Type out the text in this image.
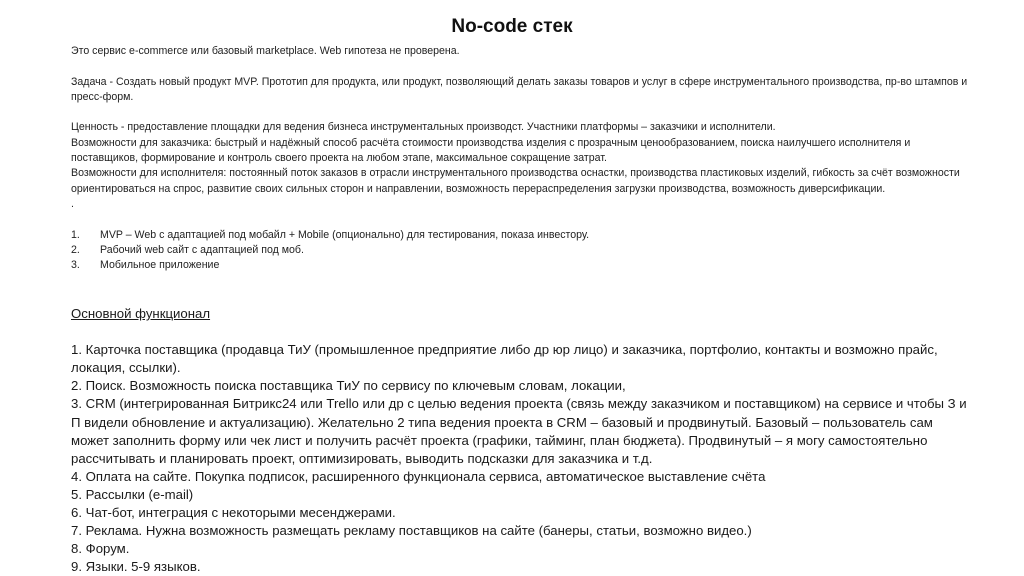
No-code стек

Это сервис e-commerce или базовый marketplace. Web гипотеза не проверена.

Задача - Создать новый продукт MVP. Прототип для продукта, или продукт, позволяющий делать заказы товаров и услуг в сфере инструментального производства, пр-во штампов и пресс-форм.

Ценность - предоставление площадки для ведения бизнеса инструментальных производст. Участники платформы – заказчики и исполнители.

Возможности для заказчика: быстрый и надёжный способ расчёта стоимости производства изделия с прозрачным ценообразованием, поиска наилучшего исполнителя и поставщиков, формирование и контроль своего проекта на любом этапе, максимальное сокращение затрат.

Возможности для исполнителя: постоянный поток заказов в отрасли инструментального производства оснастки, производства пластиковых изделий, гибкость за счёт возможности ориентироваться на спрос, развитие своих сильных сторон и направлении, возможность перераспределения загрузки производства, возможность диверсификации.

.

1.	MVP – Web с адаптацией под мобайл + Mobile (опционально) для тестирования, показа инвестору.
2.	Рабочий web сайт с адаптацией под моб.
3.	Мобильное приложение

Основной функционал

1. Карточка поставщика (продавца ТиУ (промышленное предприятие либо др юр лицо) и заказчика, портфолио, контакты и возможно прайс, локация, ссылки).

2. Поиск. Возможность поиска поставщика ТиУ по сервису по ключевым словам, локации,

3. CRM (интегрированная Битрикс24 или Trello или др с целью ведения проекта (связь между заказчиком и поставщиком) на сервисе и чтобы З и П видели обновление и актуализацию). Желательно 2 типа ведения проекта в CRM – базовый и продвинутый. Базовый – пользователь сам может заполнить форму или чек лист и получить расчёт проекта (графики, тайминг, план бюджета). Продвинутый – я могу самостоятельно рассчитывать и планировать проект, оптимизировать, выводить подсказки для заказчика и т.д.

4. Оплата на сайте. Покупка подписок, расширенного функционала сервиса, автоматическое выставление счёта

5. Рассылки (e-mail)

6. Чат-бот, интеграция с некоторыми месенджерами.

7. Реклама. Нужна возможность размещать рекламу поставщиков на сайте (банеры, статьи, возможно видео.)

8. Форум.

9. Языки. 5-9 языков.
